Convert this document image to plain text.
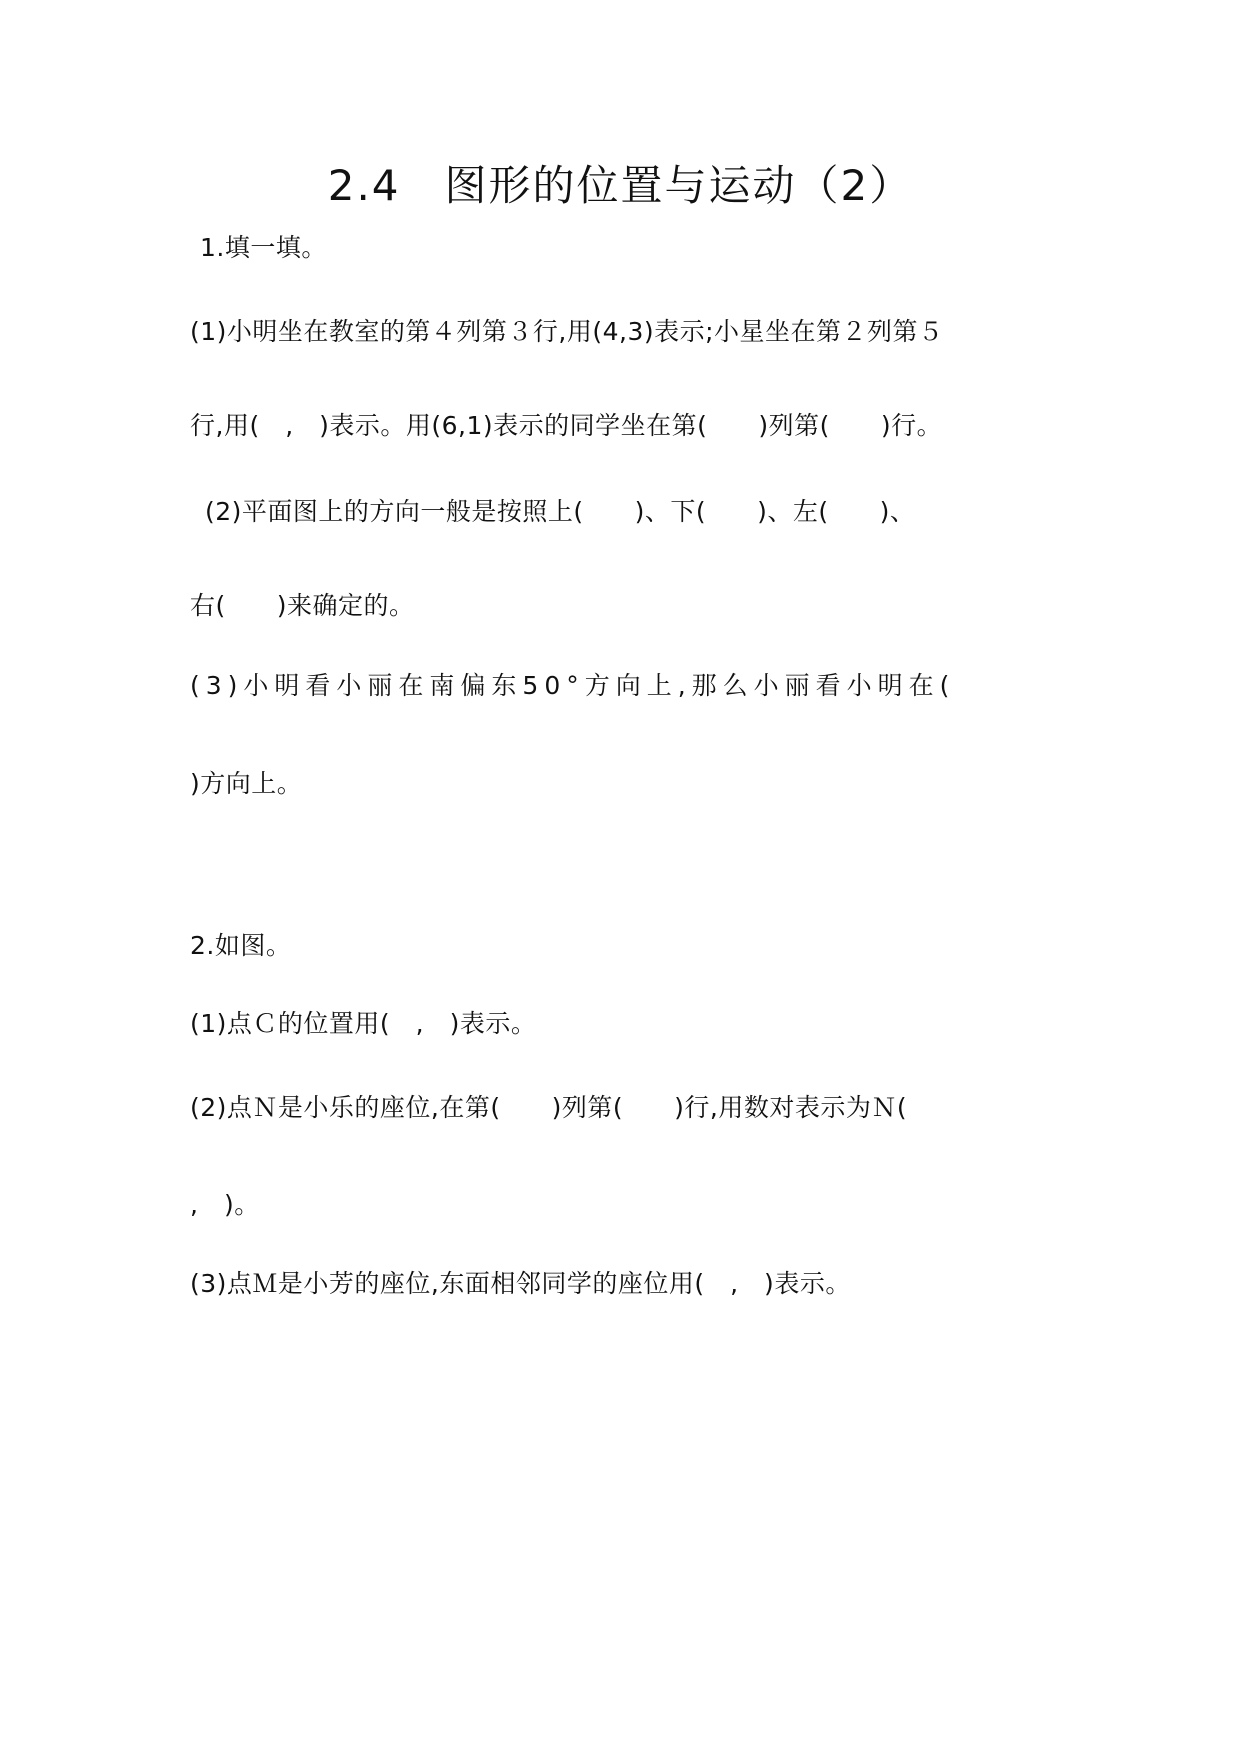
2.4　图形的位置与运动（2）
1.填一填。
(1)小明坐在教室的第４列第３行,用(4,3)表示;小星坐在第２列第５
行,用(　,　)表示。用(6,1)表示的同学坐在第(　　)列第(　　)行。
(2)平面图上的方向一般是按照上(　　)、下(　　)、左(　　)、
右(　　)来确定的。
(3)小明看小丽在南偏东50°方向上,那么小丽看小明在(
)方向上。
2.如图。
(1)点Ｃ的位置用(　,　)表示。
(2)点Ｎ是小乐的座位,在第(　　)列第(　　)行,用数对表示为Ｎ(
,　)。
(3)点Ｍ是小芳的座位,东面相邻同学的座位用(　,　)表示。
